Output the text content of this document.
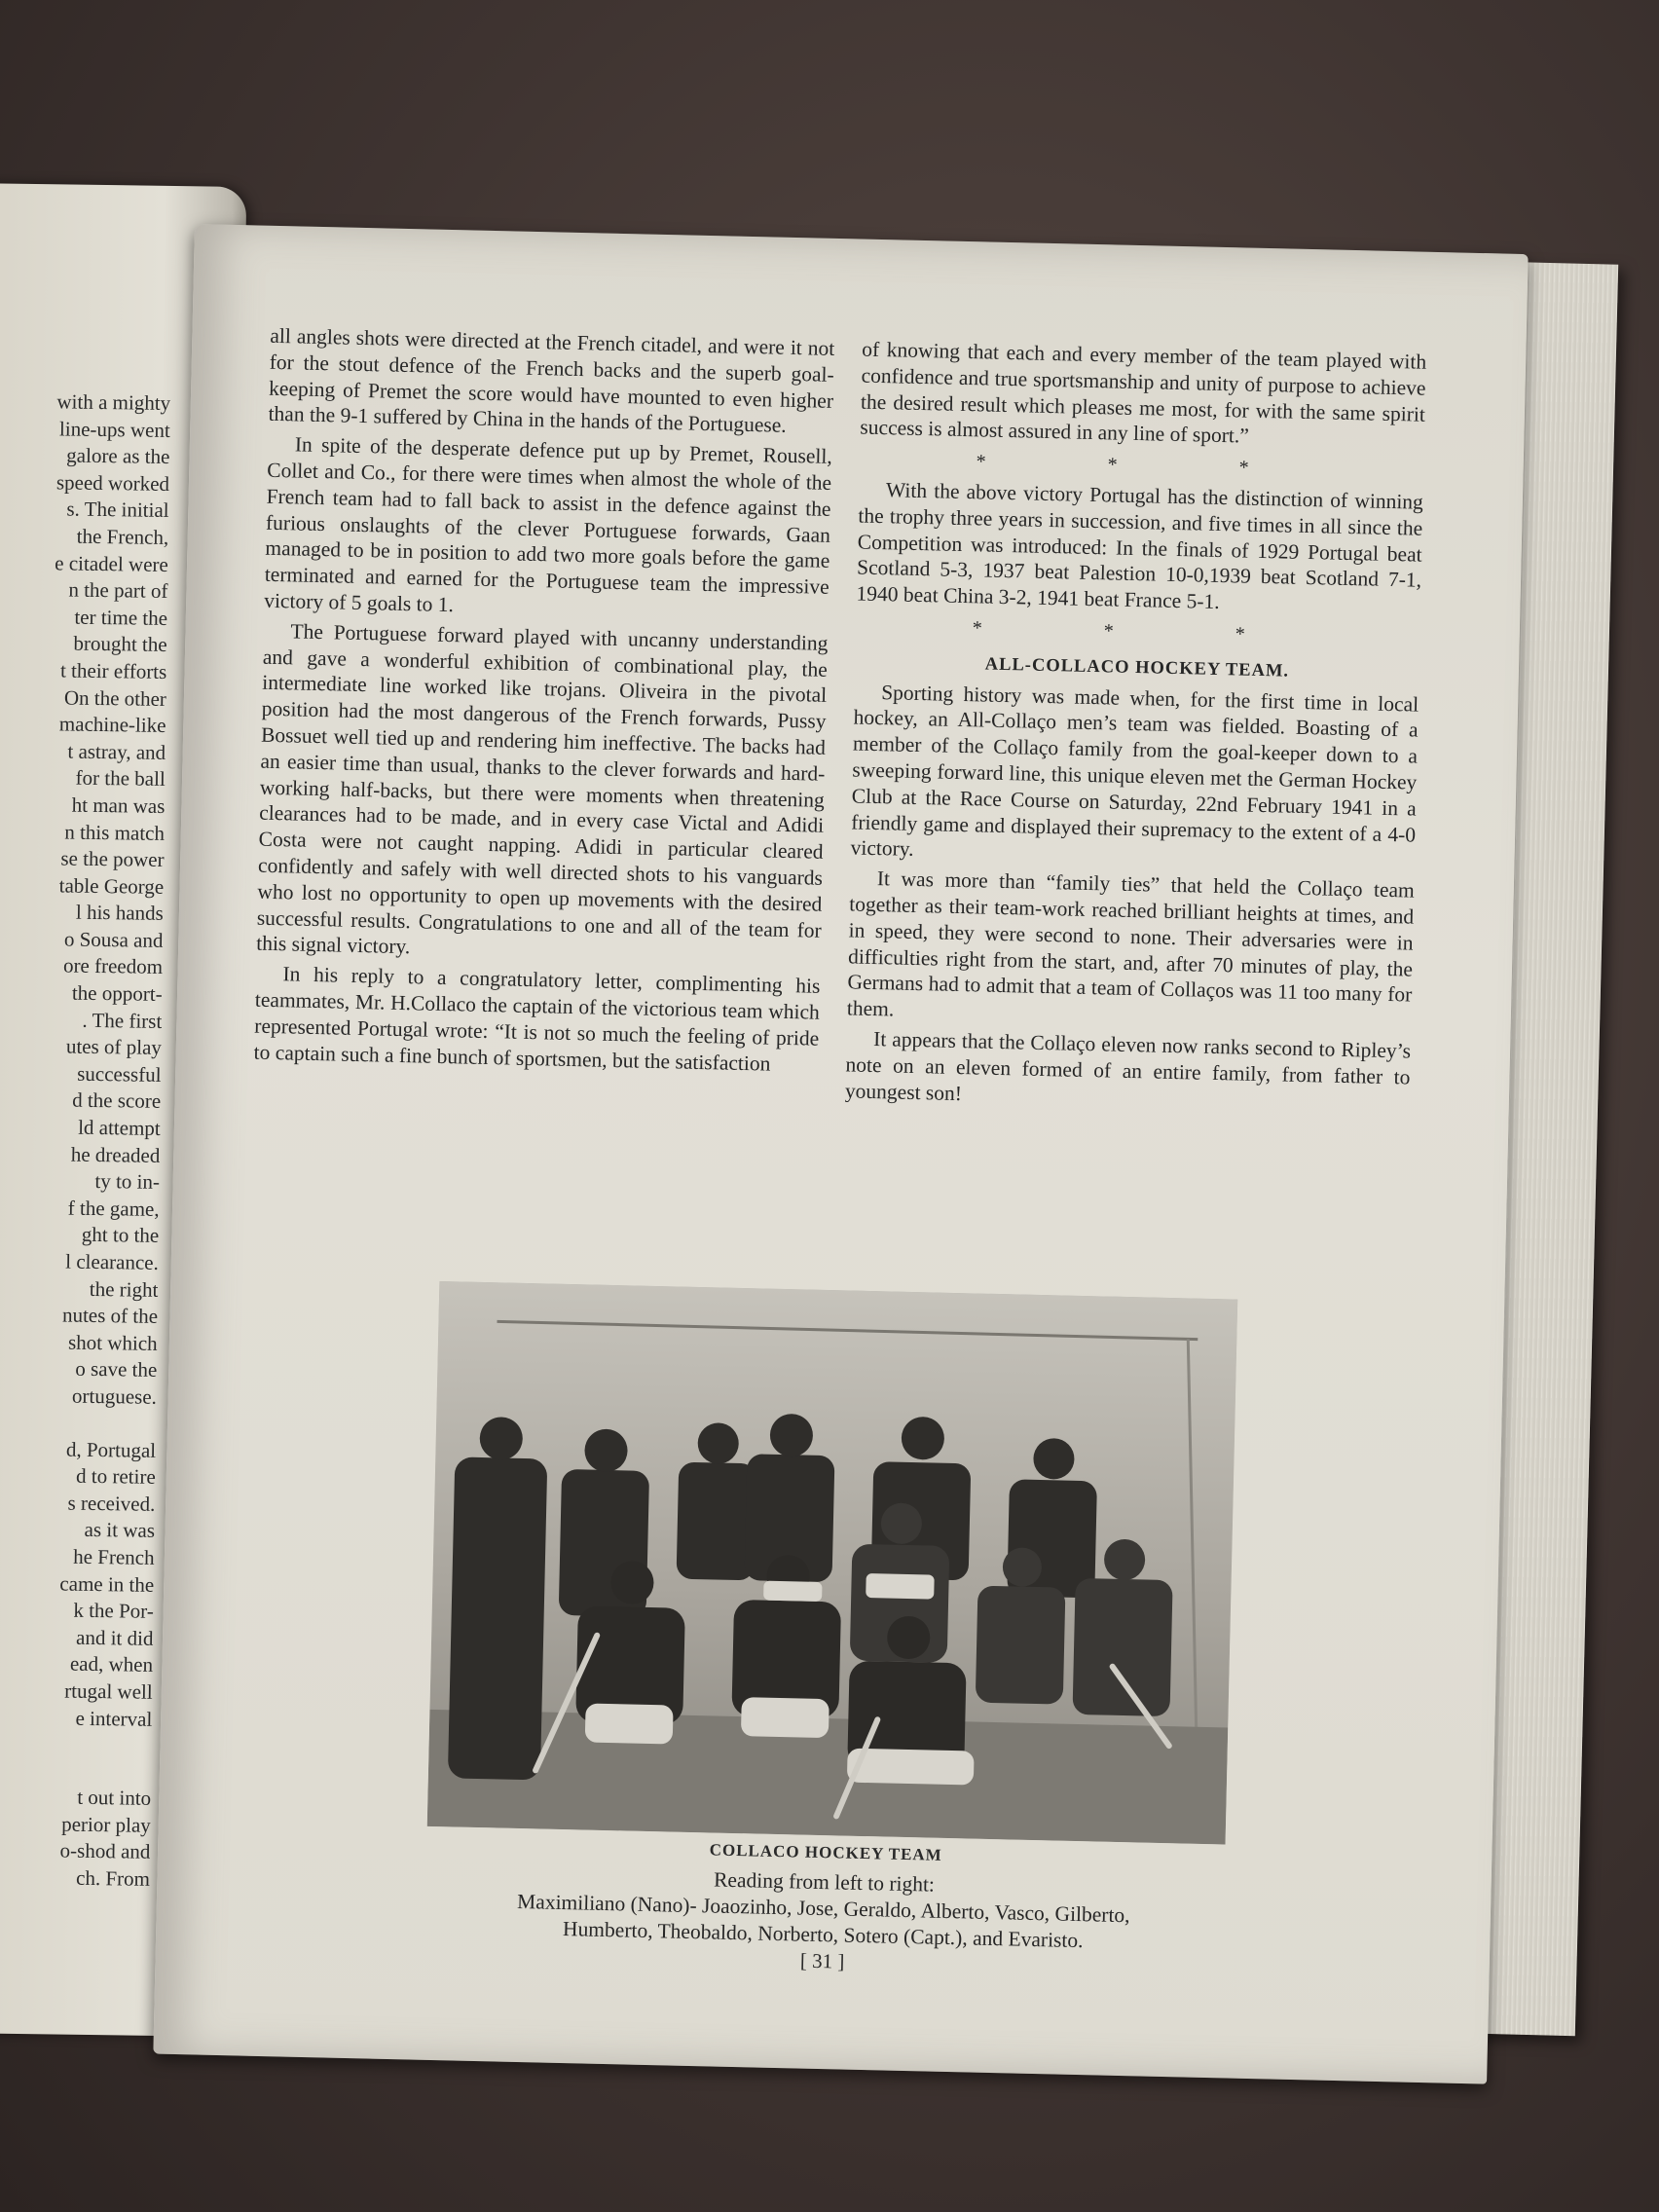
with a mighty
line-ups went
galore as the
speed worked
s. The initial
the French,
e citadel were
n the part of
ter time the
brought the
t their efforts
On the other
machine-like
t astray, and
for the ball
ht man was
n this match
se the power
table George
l his hands
o Sousa and
ore freedom
the opport-
. The first
utes of play
successful
d the score
ld attempt
he dreaded
ty to in-
f the game,
ght to the
l clearance.
the right
nutes of the
shot which
o save the
ortuguese.
d, Portugal
d to retire
s received.
as it was
he French
came in the
k the Por-
and it did
ead, when
rtugal well
e interval
t out into
perior play
o-shod and
ch. From

all angles shots were directed at the French citadel, and were it not for the stout defence of the French backs and the superb goal-keeping of Premet the score would have mounted to even higher than the 9-1 suffered by China in the hands of the Portuguese.

In spite of the desperate defence put up by Premet, Rousell, Collet and Co., for there were times when almost the whole of the French team had to fall back to assist in the defence against the furious onslaughts of the clever Portuguese forwards, Gaan managed to be in position to add two more goals before the game terminated and earned for the Portuguese team the impressive victory of 5 goals to 1.

The Portuguese forward played with uncanny understanding and gave a wonderful exhibition of combinational play, the intermediate line worked like trojans. Oliveira in the pivotal position had the most dangerous of the French forwards, Pussy Bossuet well tied up and rendering him ineffective. The backs had an easier time than usual, thanks to the clever forwards and hard-working half-backs, but there were moments when threatening clearances had to be made, and in every case Victal and Adidi Costa were not caught napping. Adidi in particular cleared confidently and safely with well directed shots to his vanguards who lost no opportunity to open up movements with the desired successful results. Congratulations to one and all of the team for this signal victory.

In his reply to a congratulatory letter, complimenting his teammates, Mr. H.Collaco the captain of the victorious team which represented Portugal wrote: “It is not so much the feeling of pride to captain such a fine bunch of sportsmen, but the satisfaction

of knowing that each and every member of the team played with confidence and true sportsmanship and unity of purpose to achieve the desired result which pleases me most, for with the same spirit success is almost assured in any line of sport.”

* * *

With the above victory Portugal has the distinction of winning the trophy three years in succession, and five times in all since the Competition was introduced: In the finals of 1929 Portugal beat Scotland 5-3, 1937 beat Palestion 10-0,1939 beat Scotland 7-1, 1940 beat China 3-2, 1941 beat France 5-1.

* * *
ALL-COLLACO HOCKEY TEAM.

Sporting history was made when, for the first time in local hockey, an All-Collaço men’s team was fielded. Boasting of a member of the Collaço family from the goal-keeper down to a sweeping forward line, this unique eleven met the German Hockey Club at the Race Course on Saturday, 22nd February 1941 in a friendly game and displayed their supremacy to the extent of a 4-0 victory.

It was more than “family ties” that held the Collaço team together as their team-work reached brilliant heights at times, and in speed, they were second to none. Their adversaries were in difficulties right from the start, and, after 70 minutes of play, the Germans had to admit that a team of Collaços was 11 too many for them.

It appears that the Collaço eleven now ranks second to Ripley’s note on an eleven formed of an entire family, from father to youngest son!

COLLACO HOCKEY TEAM
Reading from left to right:
Maximiliano (Nano)- Joaozinho, Jose, Geraldo, Alberto, Vasco, Gilberto,
Humberto, Theobaldo, Norberto, Sotero (Capt.), and Evaristo.
[ 31 ]
